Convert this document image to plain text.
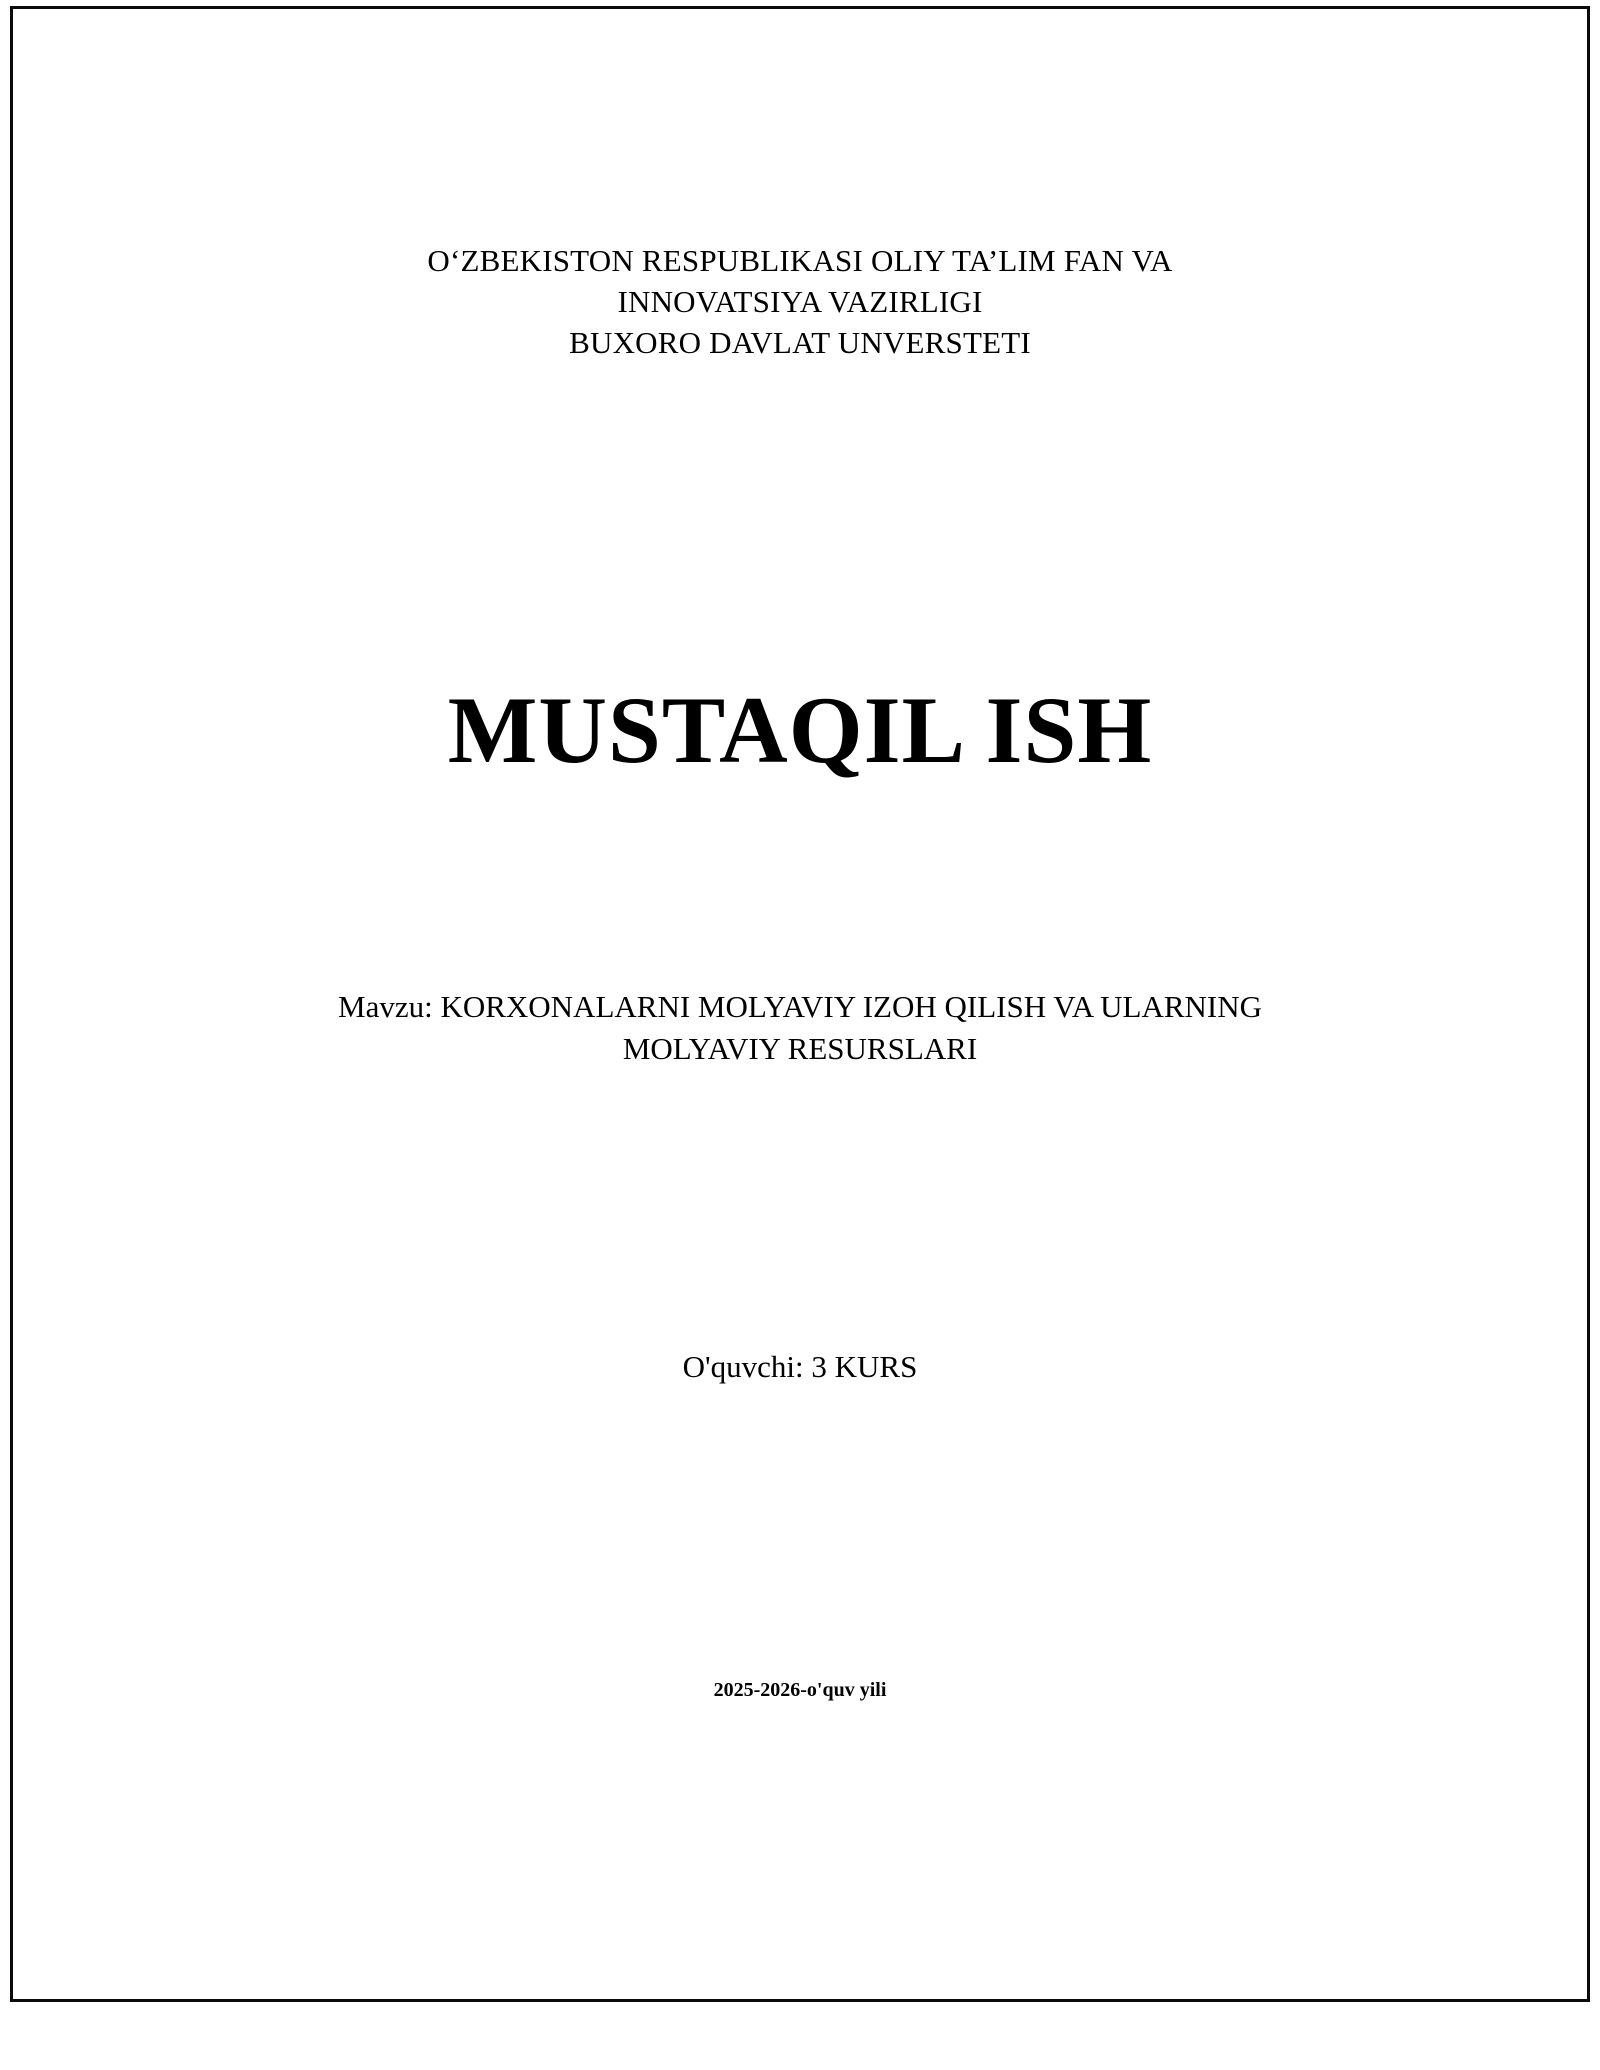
O‘ZBEKISTON RESPUBLIKASI OLIY TA’LIM FAN VA
INNOVATSIYA VAZIRLIGI
BUXORO DAVLAT UNVERSTETI
MUSTAQIL ISH
Mavzu: KORXONALARNI MOLYAVIY IZOH QILISH VA ULARNING
MOLYAVIY RESURSLARI
O'quvchi: 3 KURS
2025-2026-o'quv yili
